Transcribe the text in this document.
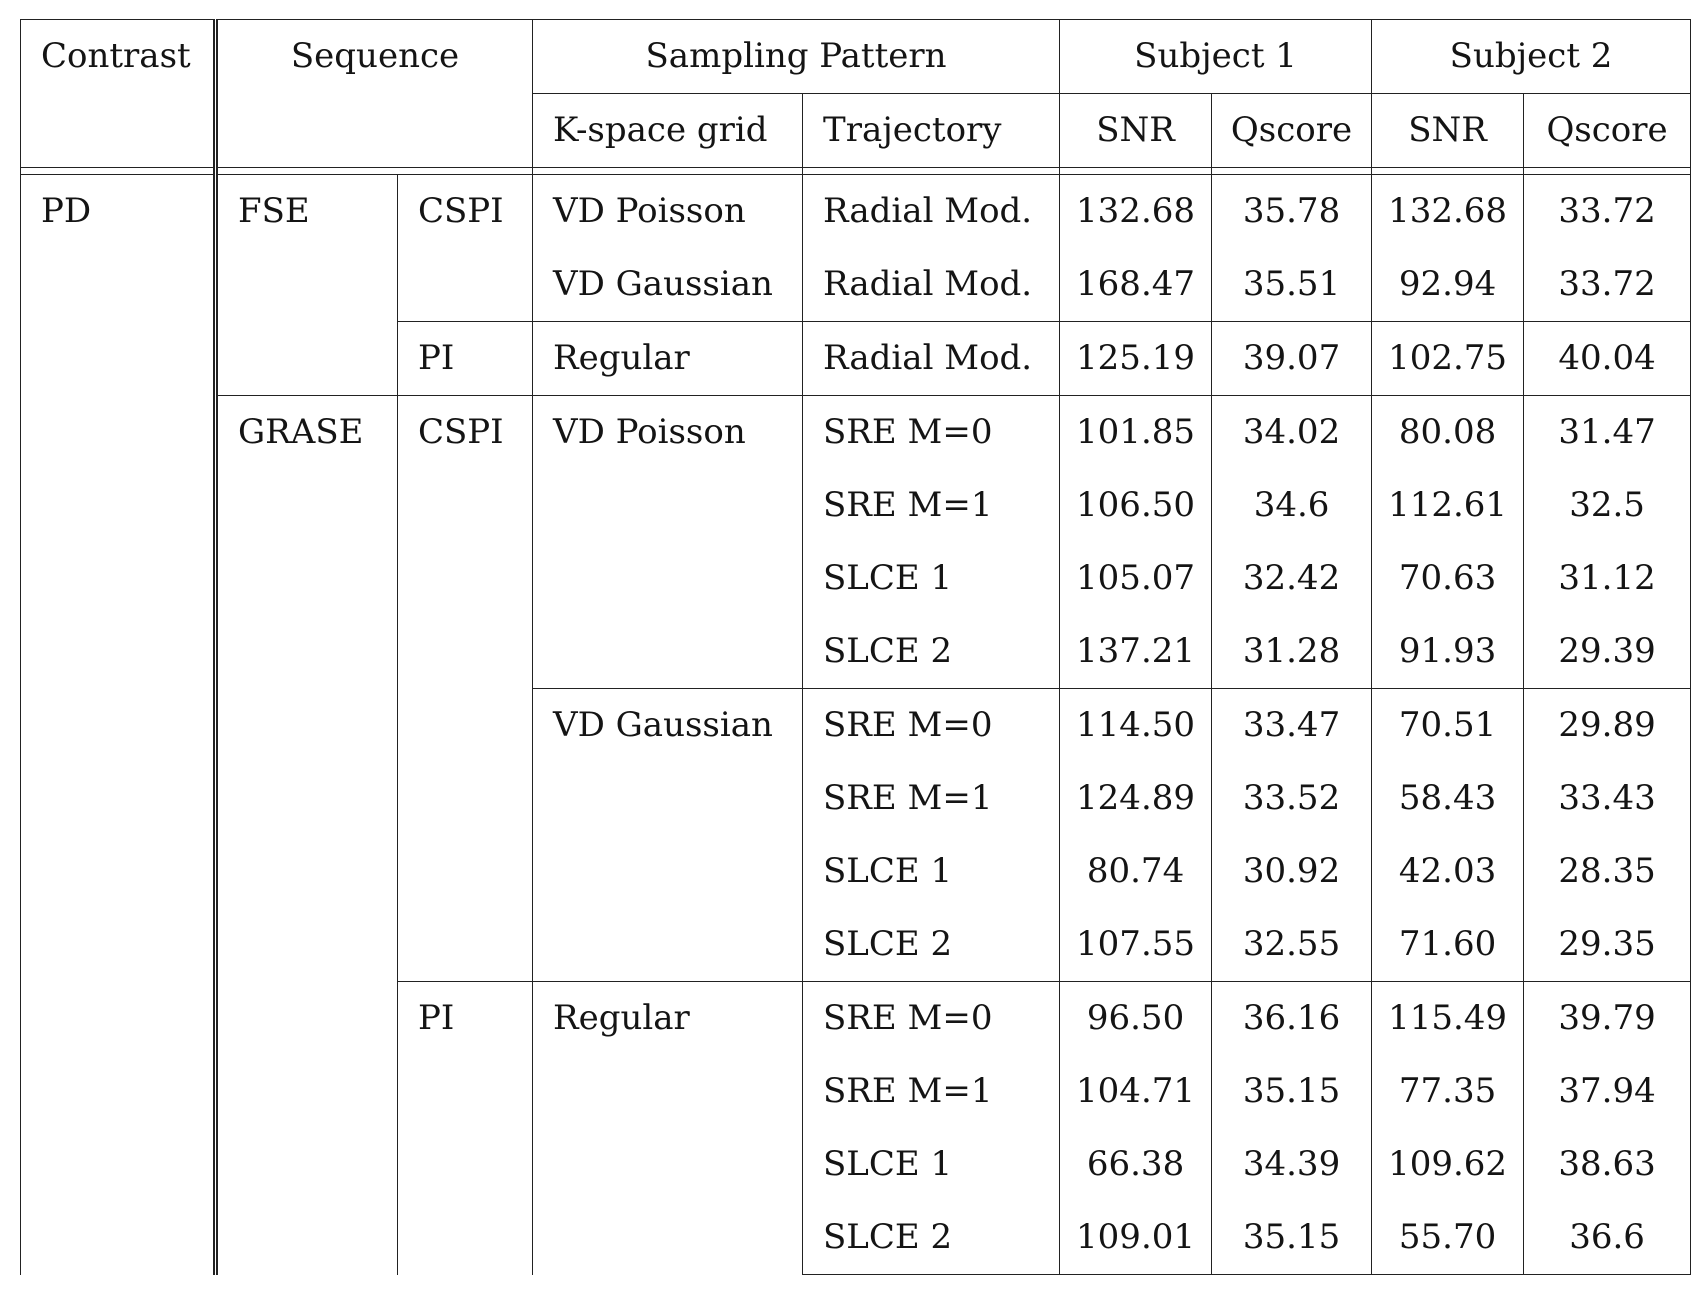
Contrast	Sequence		Sampling Pattern		Subject 1		Subject 2	
			K-space grid	Trajectory	SNR	Qscore	SNR	Qscore

PD	FSE	CSPI	VD Poisson	Radial Mod.	132.68	35.78	132.68	33.72
			VD Gaussian	Radial Mod.	168.47	35.51	92.94	33.72
		PI	Regular	Radial Mod.	125.19	39.07	102.75	40.04
	GRASE	CSPI	VD Poisson	SRE M=0	101.85	34.02	80.08	31.47
				SRE M=1	106.50	34.6	112.61	32.5
				SLCE 1	105.07	32.42	70.63	31.12
				SLCE 2	137.21	31.28	91.93	29.39
			VD Gaussian	SRE M=0	114.50	33.47	70.51	29.89
				SRE M=1	124.89	33.52	58.43	33.43
				SLCE 1	80.74	30.92	42.03	28.35
				SLCE 2	107.55	32.55	71.60	29.35
		PI	Regular	SRE M=0	96.50	36.16	115.49	39.79
				SRE M=1	104.71	35.15	77.35	37.94
				SLCE 1	66.38	34.39	109.62	38.63
				SLCE 2	109.01	35.15	55.70	36.6
